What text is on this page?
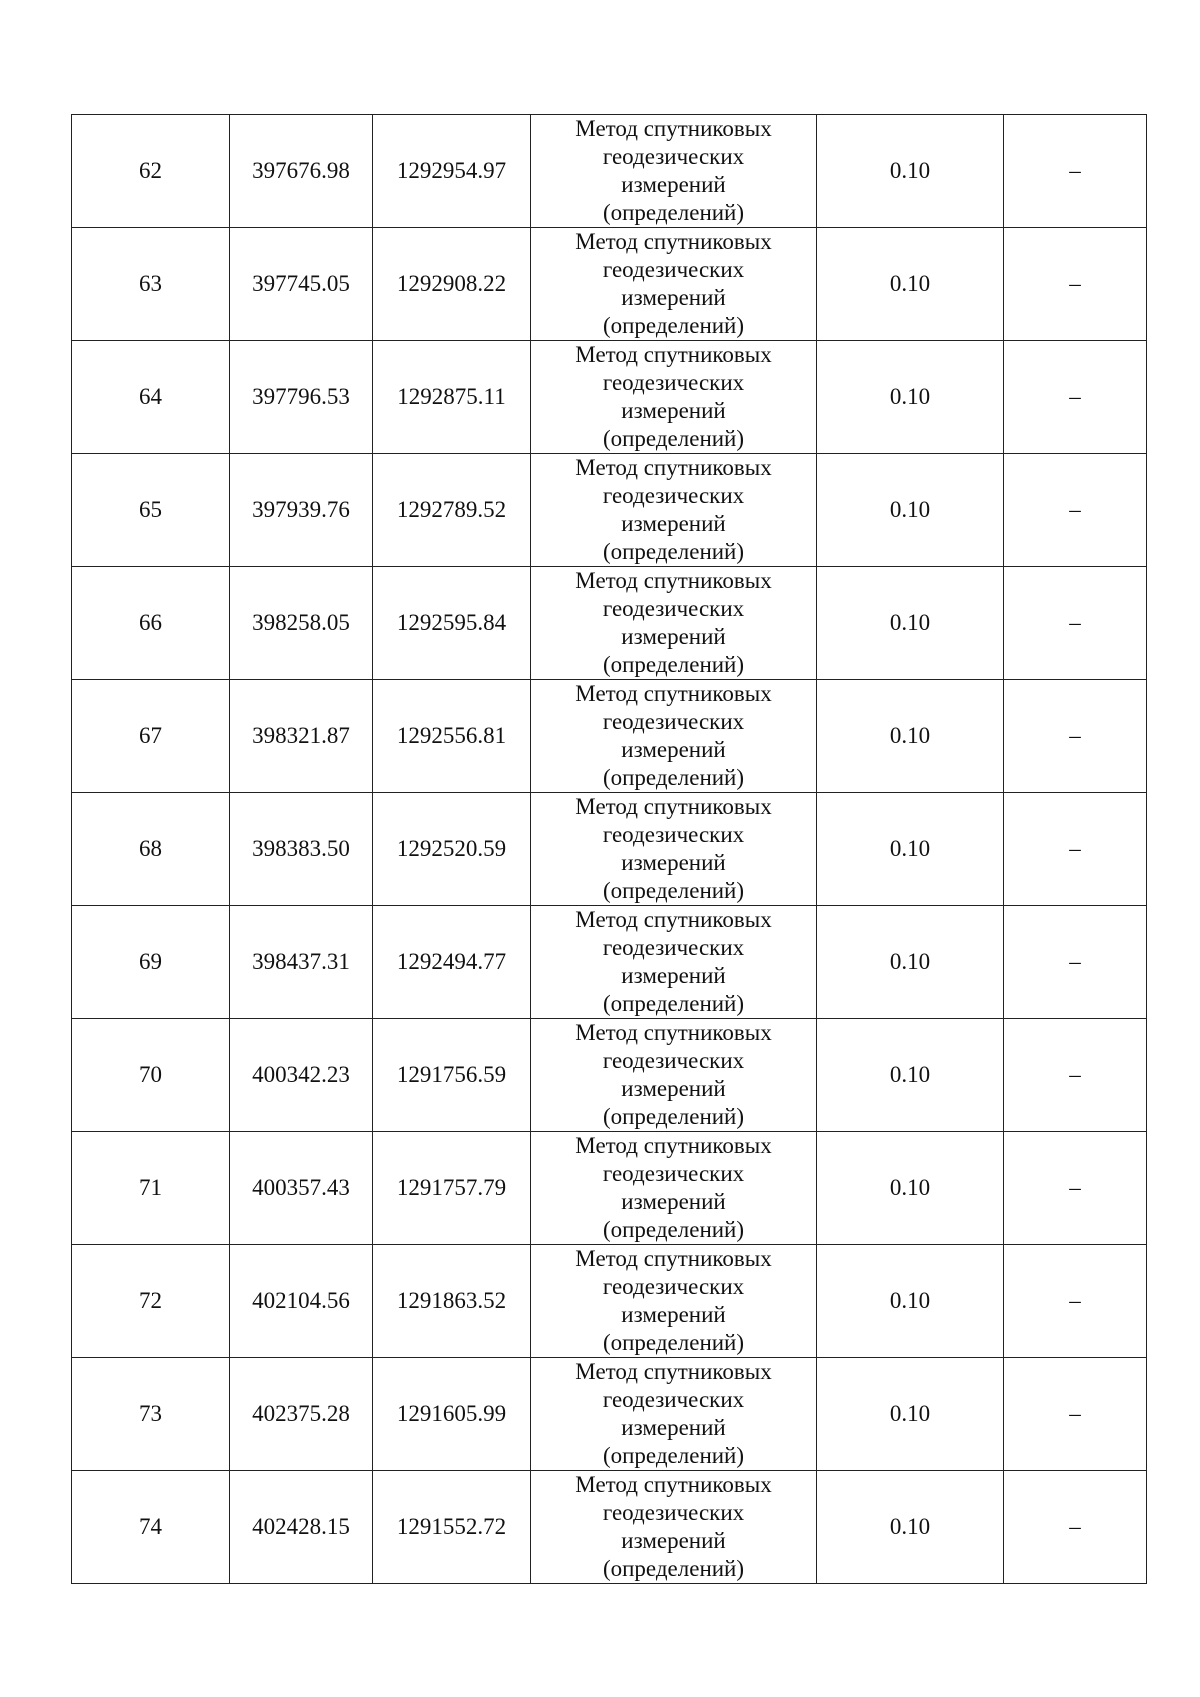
62	397676.98	1292954.97	Метод спутниковых
геодезических
измерений
(определений)	0.10	–
63	397745.05	1292908.22	Метод спутниковых
геодезических
измерений
(определений)	0.10	–
64	397796.53	1292875.11	Метод спутниковых
геодезических
измерений
(определений)	0.10	–
65	397939.76	1292789.52	Метод спутниковых
геодезических
измерений
(определений)	0.10	–
66	398258.05	1292595.84	Метод спутниковых
геодезических
измерений
(определений)	0.10	–
67	398321.87	1292556.81	Метод спутниковых
геодезических
измерений
(определений)	0.10	–
68	398383.50	1292520.59	Метод спутниковых
геодезических
измерений
(определений)	0.10	–
69	398437.31	1292494.77	Метод спутниковых
геодезических
измерений
(определений)	0.10	–
70	400342.23	1291756.59	Метод спутниковых
геодезических
измерений
(определений)	0.10	–
71	400357.43	1291757.79	Метод спутниковых
геодезических
измерений
(определений)	0.10	–
72	402104.56	1291863.52	Метод спутниковых
геодезических
измерений
(определений)	0.10	–
73	402375.28	1291605.99	Метод спутниковых
геодезических
измерений
(определений)	0.10	–
74	402428.15	1291552.72	Метод спутниковых
геодезических
измерений
(определений)	0.10	–
